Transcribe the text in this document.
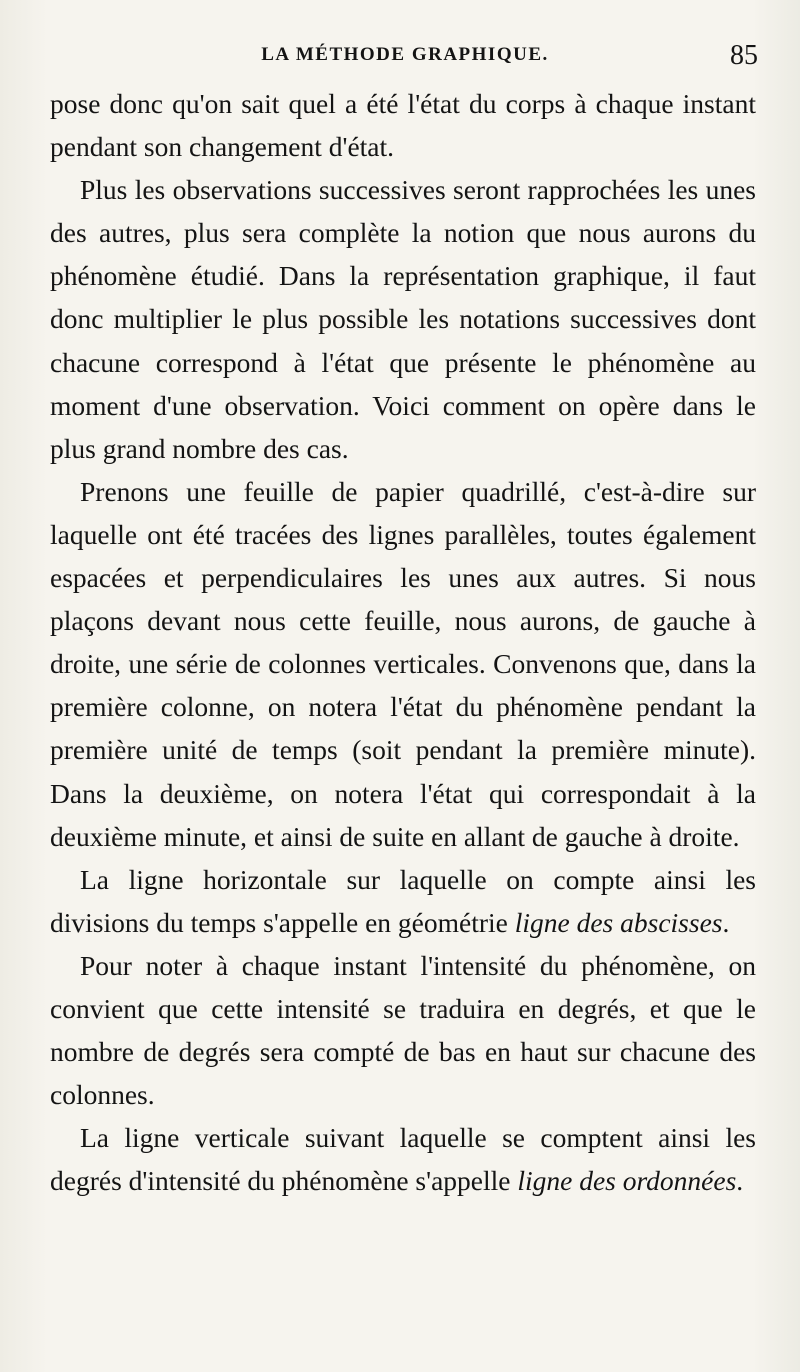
LA MÉTHODE GRAPHIQUE.	85

pose donc qu'on sait quel a été l'état du corps à chaque instant pendant son changement d'état.

Plus les observations successives seront rapprochées les unes des autres, plus sera complète la notion que nous aurons du phénomène étudié. Dans la représentation graphique, il faut donc multiplier le plus possible les notations successives dont chacune correspond à l'état que présente le phénomène au moment d'une observation. Voici comment on opère dans le plus grand nombre des cas.

Prenons une feuille de papier quadrillé, c'est-à-dire sur laquelle ont été tracées des lignes parallèles, toutes également espacées et perpendiculaires les unes aux autres. Si nous plaçons devant nous cette feuille, nous aurons, de gauche à droite, une série de colonnes verticales. Convenons que, dans la première colonne, on notera l'état du phénomène pendant la première unité de temps (soit pendant la première minute). Dans la deuxième, on notera l'état qui correspondait à la deuxième minute, et ainsi de suite en allant de gauche à droite.

La ligne horizontale sur laquelle on compte ainsi les divisions du temps s'appelle en géométrie ligne des abscisses.

Pour noter à chaque instant l'intensité du phénomène, on convient que cette intensité se traduira en degrés, et que le nombre de degrés sera compté de bas en haut sur chacune des colonnes.

La ligne verticale suivant laquelle se comptent ainsi les degrés d'intensité du phénomène s'appelle ligne des ordonnées.
